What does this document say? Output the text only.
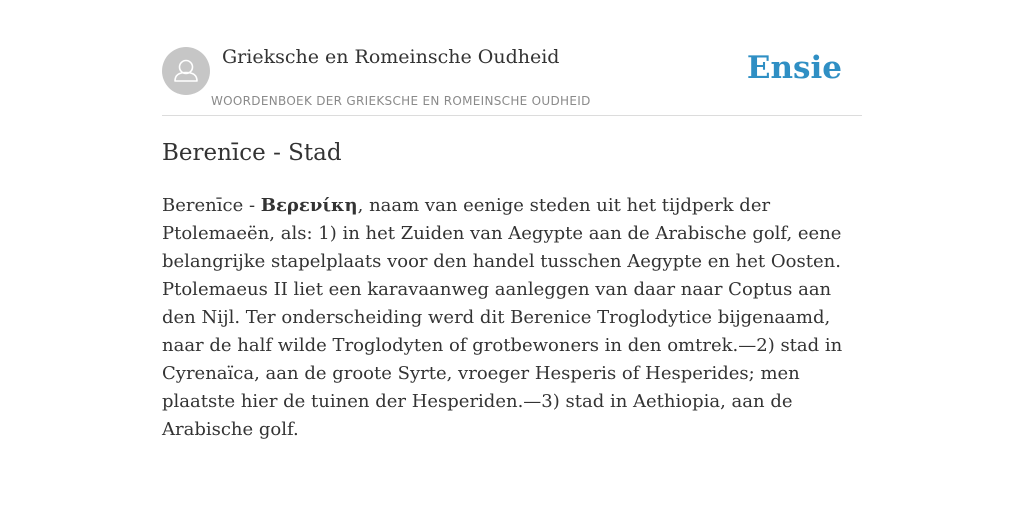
Grieksche en Romeinsche Oudheid
WOORDENBOEK DER GRIEKSCHE EN ROMEINSCHE OUDHEID
Ensie
Berenīce - Stad

Berenīce - Βερενίκη, naam van eenige steden uit het tijdperk der Ptolemaeën, als: 1) in het Zuiden van Aegypte aan de Arabische golf, eene belangrijke stapelplaats voor den handel tusschen Aegypte en het Oosten. Ptolemaeus II liet een karavaanweg aanleggen van daar naar Coptus aan den Nijl. Ter onderscheiding werd dit Berenice Troglodytice bijgenaamd, naar de half wilde Troglodyten of grotbewoners in den omtrek.—2) stad in Cyrenaïca, aan de groote Syrte, vroeger Hesperis of Hesperides; men plaatste hier de tuinen der Hesperiden.—3) stad in Aethiopia, aan de Arabische golf.
